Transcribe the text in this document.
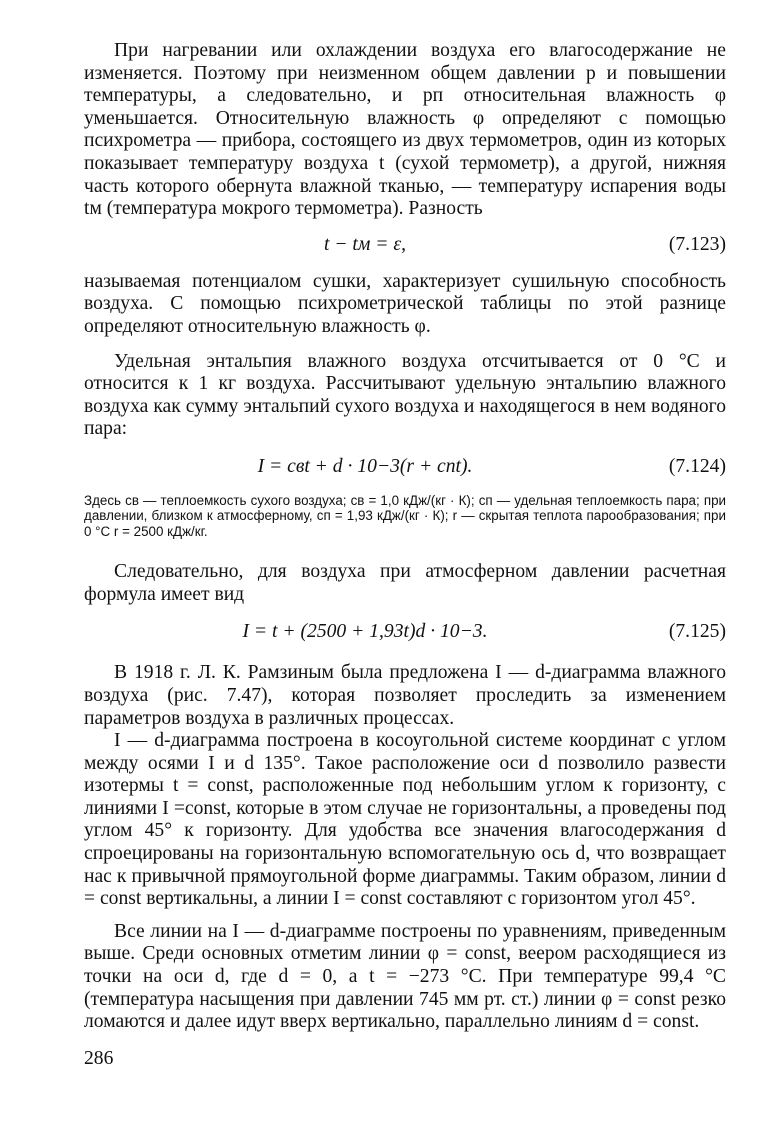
При нагревании или охлаждении воздуха его влагосодержание не изменяется. Поэтому при неизменном общем давлении p и повышении температуры, а следовательно, и pп относительная влажность φ уменьшается. Относительную влажность φ определяют с помощью психрометра — прибора, состоящего из двух термометров, один из которых показывает температуру воздуха t (сухой термометр), а другой, нижняя часть которого обернута влажной тканью, — температуру испарения воды tм (температура мокрого термометра). Разность

t − tм = ε,	(7.123)

называемая потенциалом сушки, характеризует сушильную способность воздуха. С помощью психрометрической таблицы по этой разнице определяют относительную влажность φ.

Удельная энтальпия влажного воздуха отсчитывается от 0 °С и относится к 1 кг воздуха. Рассчитывают удельную энтальпию влажного воздуха как сумму энтальпий сухого воздуха и находящегося в нем водяного пара:

I = cвt + d · 10−3(r + cпt).	(7.124)

Здесь cв — теплоемкость сухого воздуха; cв = 1,0 кДж/(кг · К); cп — удельная теплоемкость пара; при давлении, близком к атмосферному, cп = 1,93 кДж/(кг · К); r — скрытая теплота парообразования; при 0 °С r = 2500 кДж/кг.

Следовательно, для воздуха при атмосферном давлении расчетная формула имеет вид

I = t + (2500 + 1,93t)d · 10−3.	(7.125)

В 1918 г. Л. К. Рамзиным была предложена I — d-диаграмма влажного воздуха (рис. 7.47), которая позволяет проследить за изменением параметров воздуха в различных процессах.

I — d-диаграмма построена в косоугольной системе координат с углом между осями I и d 135°. Такое расположение оси d позволило развести изотермы t = const, расположенные под небольшим углом к горизонту, с линиями I =const, которые в этом случае не горизонтальны, а проведены под углом 45° к горизонту. Для удобства все значения влагосодержания d спроецированы на горизонтальную вспомогательную ось d, что возвращает нас к привычной прямоугольной форме диаграммы. Таким образом, линии d = const вертикальны, а линии I = const составляют с горизонтом угол 45°.

Все линии на I — d-диаграмме построены по уравнениям, приведенным выше. Среди основных отметим линии φ = const, веером расходящиеся из точки на оси d, где d = 0, а t = −273 °С. При температуре 99,4 °С (температура насыщения при давлении 745 мм рт. ст.) линии φ = const резко ломаются и далее идут вверх вертикально, параллельно линиям d = const.

286
